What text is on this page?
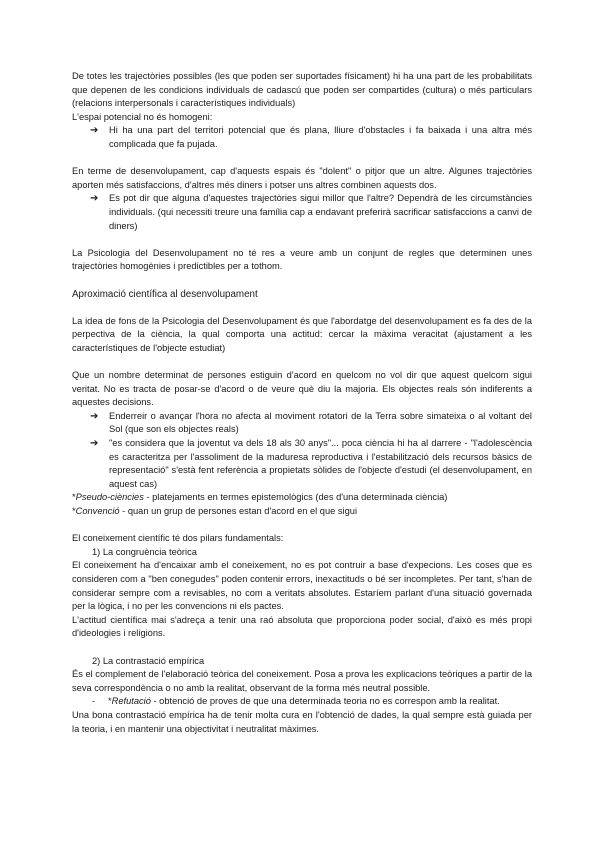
De totes les trajectòries possibles (les que poden ser suportades físicament) hi ha una part de les probabilitats que depenen de les condicions individuals de cadascú que poden ser compartides (cultura) o més particulars (relacions interpersonals i característiques individuals)

L'espai potencial no és homogeni:

➔ Hi ha una part del territori potencial que és plana, lliure d'obstacles i fa baixada i una altra més complicada que fa pujada.

En terme de desenvolupament, cap d'aquests espais és "dolent" o pitjor que un altre. Algunes trajectòries aporten més satisfaccions, d'altres més diners i potser uns altres combinen aquests dos.

➔ Es pot dir que alguna d'aquestes trajectòries sigui millor que l'altre? Dependrà de les circumstàncies individuals. (qui necessiti treure una família cap a endavant preferirà sacrificar satisfaccions a canvi de diners)

La Psicologia del Desenvolupament no té res a veure amb un conjunt de regles que determinen unes trajectòries homogènies i predictibles per a tothom.

Aproximació científica al desenvolupament

La idea de fons de la Psicologia del Desenvolupament és que l'abordatge del desenvolupament es fa des de la perpectiva de la ciència, la qual comporta una actitud: cercar la màxima veracitat (ajustament a les característiques de l'objecte estudiat)

Que un nombre determinat de persones estiguin d'acord en quelcom no vol dir que aquest quelcom sigui veritat. No es tracta de posar-se d'acord o de veure què diu la majoria. Els objectes reals són indiferents a aquestes decisions.

➔ Enderreir o avançar l'hora no afecta al moviment rotatori de la Terra sobre simateixa o al voltant del Sol (que son els objectes reals)
➔ "es considera que la joventut va dels 18 als 30 anys"... poca ciència hi ha al darrere - "l'adolescència es caracteritza per l'assoliment de la maduresa reproductiva i l'estabilització dels recursos bàsics de representació" s'està fent referència a propietats sòlides de l'objecte d'estudi (el desenvolupament, en aquest cas)

*Pseudo-ciències - platejaments en termes epistemològics (des d'una determinada ciència)

*Convenció - quan un grup de persones estan d'acord en el que sigui

El coneixement científic té dos pilars fundamentals:

1) La congruència teòrica

El coneixement ha d'encaixar amb el coneixement, no es pot contruir a base d'expecions. Les coses que es consideren com a "ben conegudes" poden contenir errors, inexactituds o bé ser incompletes. Per tant, s'han de considerar sempre com a revisables, no com a veritats absolutes. Estaríem parlant d'una situació governada per la lògica, i no per les convencions ni els pactes.

L'actitud científica mai s'adreça a tenir una raó absoluta que proporciona poder social, d'això es més propi d'ideologies i religions.

2) La contrastació empírica

És el complement de l'elaboració teòrica del coneixement. Posa a prova les explicacions teòriques a partir de la seva correspondència o no amb la realitat, observant de la forma més neutral possible.

- *Refutació - obtenció de proves de que una determinada teoria no es correspon amb la realitat.

Una bona contrastació empírica ha de tenir molta cura en l'obtenció de dades, la qual sempre està guiada per la teoria, i en mantenir una objectivitat i neutralitat màximes.
